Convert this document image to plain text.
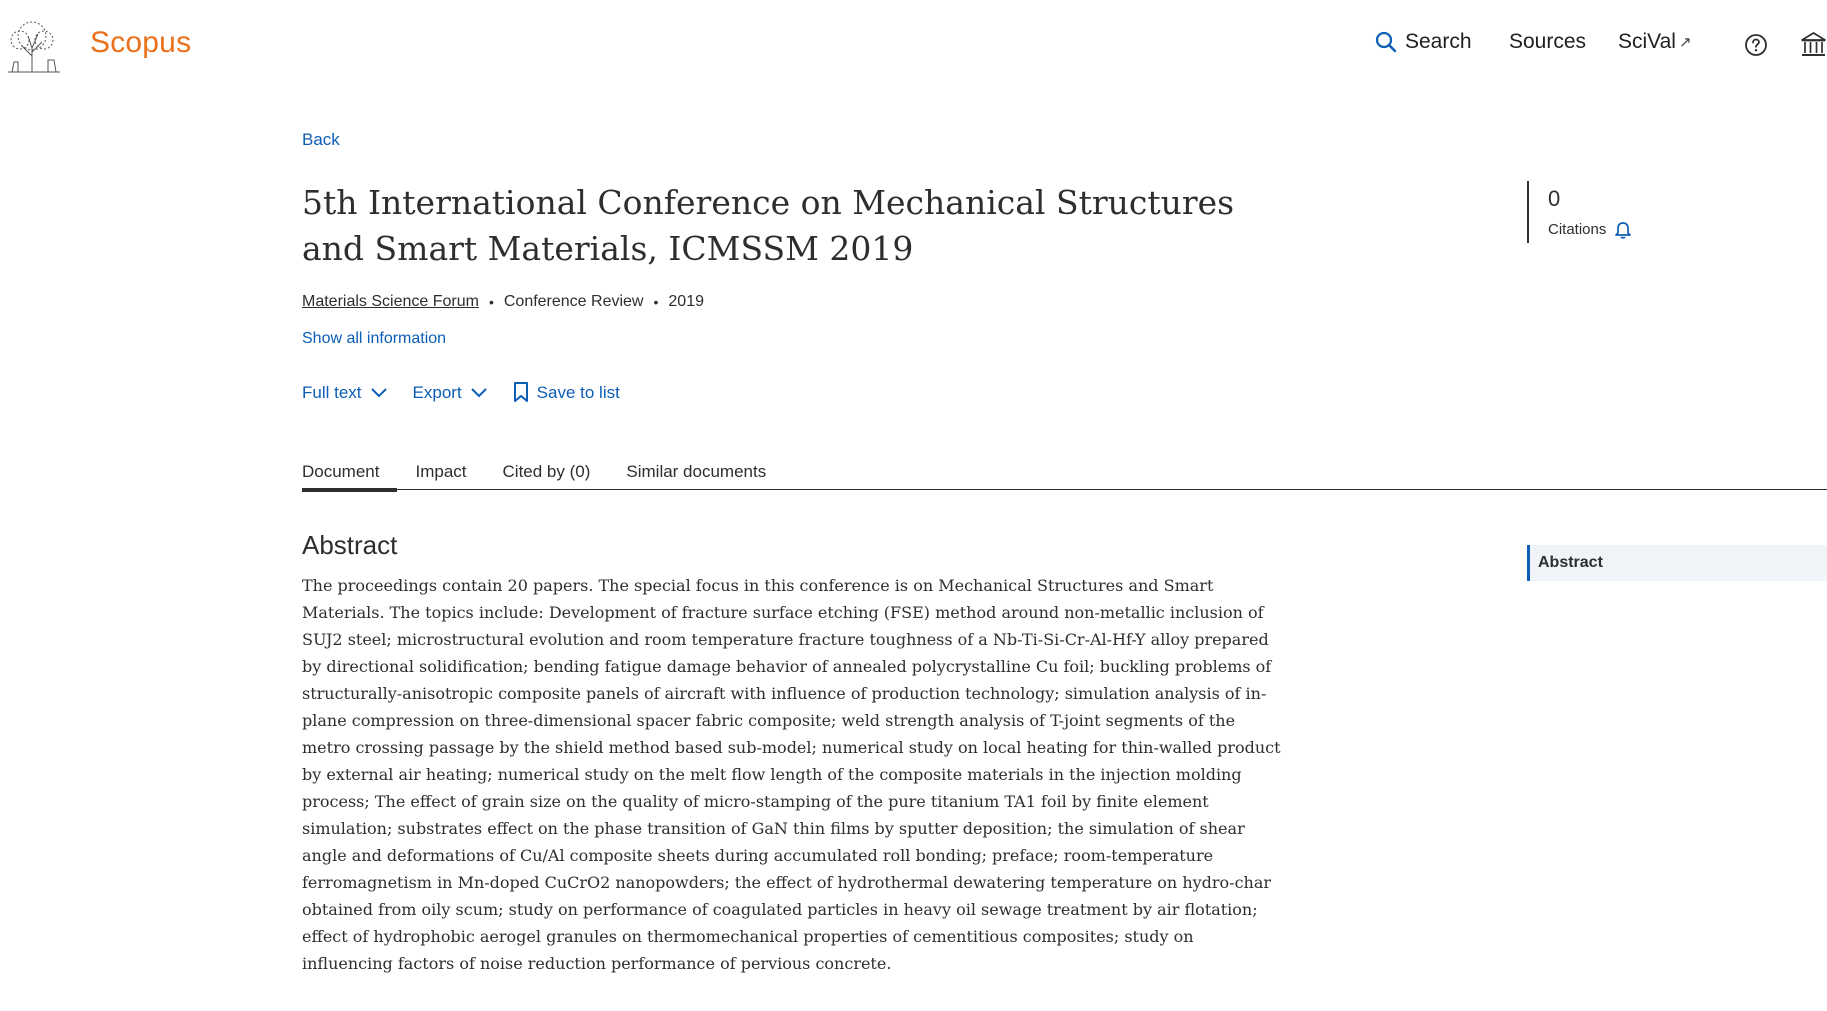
Scopus	Search Sources SciVal ↗
Back
5th International Conference on Mechanical Structures and Smart Materials, ICMSSM 2019
Materials Science Forum • Conference Review • 2019
Show all information
Full text	Export	Save to list
Document Impact Cited by (0) Similar documents
Abstract

The proceedings contain 20 papers. The special focus in this conference is on Mechanical Structures and Smart Materials. The topics include: Development of fracture surface etching (FSE) method around non-metallic inclusion of SUJ2 steel; microstructural evolution and room temperature fracture toughness of a Nb-Ti-Si-Cr-Al-Hf-Y alloy prepared by directional solidification; bending fatigue damage behavior of annealed polycrystalline Cu foil; buckling problems of structurally-anisotropic composite panels of aircraft with influence of production technology; simulation analysis of in-plane compression on three-dimensional spacer fabric composite; weld strength analysis of T-joint segments of the metro crossing passage by the shield method based sub-model; numerical study on local heating for thin-walled product by external air heating; numerical study on the melt flow length of the composite materials in the injection molding process; The effect of grain size on the quality of micro-stamping of the pure titanium TA1 foil by finite element simulation; substrates effect on the phase transition of GaN thin films by sputter deposition; the simulation of shear angle and deformations of Cu/Al composite sheets during accumulated roll bonding; preface; room-temperature ferromagnetism in Mn-doped CuCrO2 nanopowders; the effect of hydrothermal dewatering temperature on hydro-char obtained from oily scum; study on performance of coagulated particles in heavy oil sewage treatment by air flotation; effect of hydrophobic aerogel granules on thermomechanical properties of cementitious composites; study on influencing factors of noise reduction performance of pervious concrete.

0
Citations
Abstract
